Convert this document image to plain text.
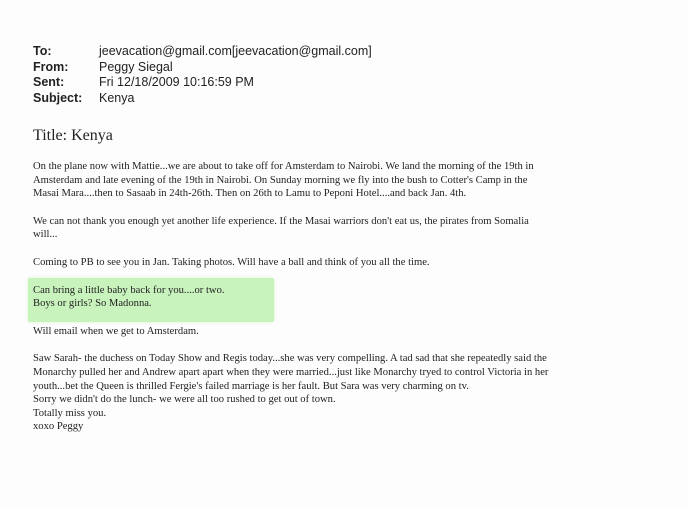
To:	jeevacation@gmail.com[jeevacation@gmail.com]
From:	Peggy Siegal
Sent:	Fri 12/18/2009 10:16:59 PM
Subject:	Kenya
Title: Kenya

On the plane now with Mattie...we are about to take off for Amsterdam to Nairobi. We land the morning of the 19th in
Amsterdam and late evening of the 19th in Nairobi. On Sunday morning we fly into the bush to Cotter's Camp in the
Masai Mara....then to Sasaab in 24th-26th. Then on 26th to Lamu to Peponi Hotel....and back Jan. 4th.

We can not thank you enough yet another life experience. If the Masai warriors don't eat us, the pirates from Somalia
will...

Coming to PB to see you in Jan. Taking photos. Will have a ball and think of you all the time.

Can bring a little baby back for you....or two.
Boys or girls? So Madonna.

Will email when we get to Amsterdam.

Saw Sarah- the duchess on Today Show and Regis today...she was very compelling. A tad sad that she repeatedly said the
Monarchy pulled her and Andrew apart apart when they were married...just like Monarchy tryed to control Victoria in her
youth...bet the Queen is thrilled Fergie's failed marriage is her fault. But Sara was very charming on tv.
Sorry we didn't do the lunch- we were all too rushed to get out of town.
Totally miss you.
xoxo Peggy
